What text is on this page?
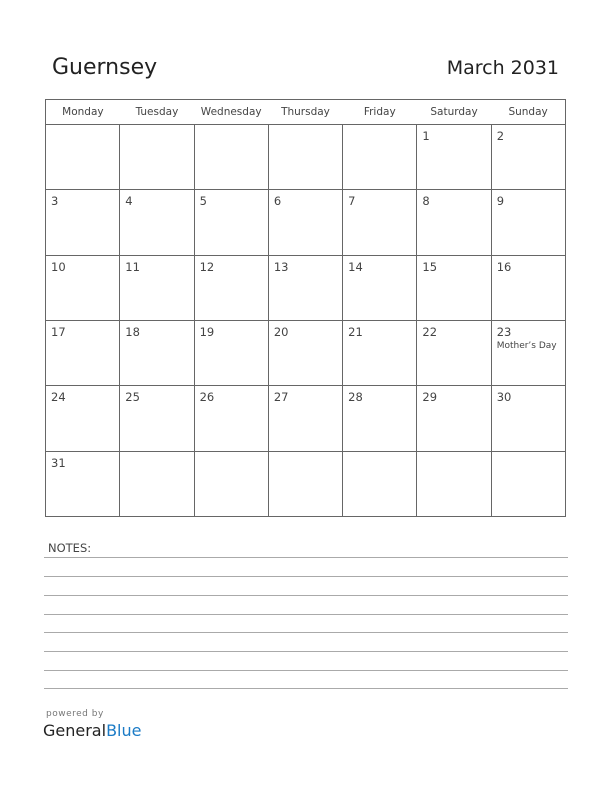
Guernsey	March 2031
Monday	Tuesday	Wednesday	Thursday	Friday	Saturday	Sunday

					1	2

3	4	5	6	7	8	9

10	11	12	13	14	15	16

17	18	19	20	21	22	23
Mother’s Day

24	25	26	27	28	29	30

31						

NOTES:
powered by
GeneralBlue
